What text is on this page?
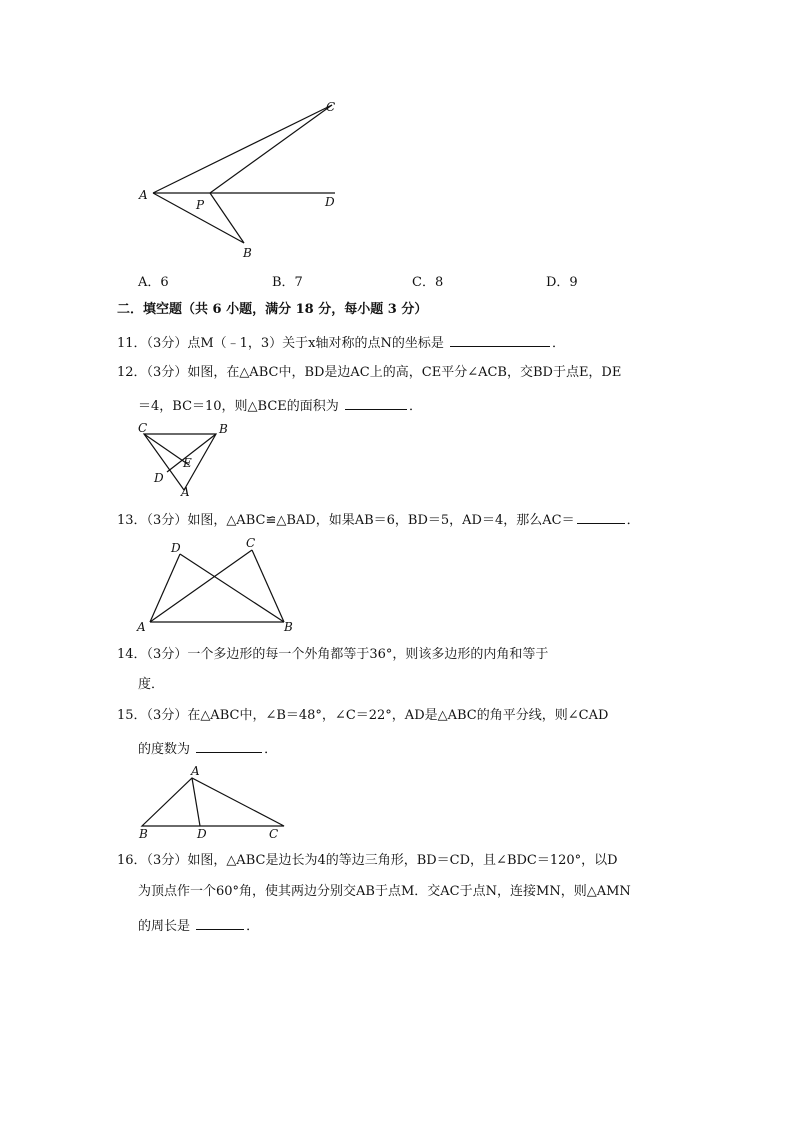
A
C
P	D
B
A．6	B．7	C．8	D．9
二．填空题（共 6 小题，满分 18 分，每小题 3 分）
11．（3分）点M（﹣1，3）关于x轴对称的点N的坐标是	．
12．（3分）如图，在△ABC中，BD是边AC上的高，CE平分∠ACB，交BD于点E，DE
＝4，BC＝10，则△BCE的面积为	．
C	B
E
D
A
13．（3分）如图，△ABC≌△BAD，如果AB＝6，BD＝5，AD＝4，那么AC＝	．
D	C
A	B
14．（3分）一个多边形的每一个外角都等于36°，则该多边形的内角和等于
度．
15．（3分）在△ABC中，∠B＝48°，∠C＝22°，AD是△ABC的角平分线，则∠CAD
的度数为	．
A
B	D	C
16．（3分）如图，△ABC是边长为4的等边三角形，BD＝CD，且∠BDC＝120°，以D
为顶点作一个60°角，使其两边分别交AB于点M．交AC于点N，连接MN，则△AMN
的周长是	．
